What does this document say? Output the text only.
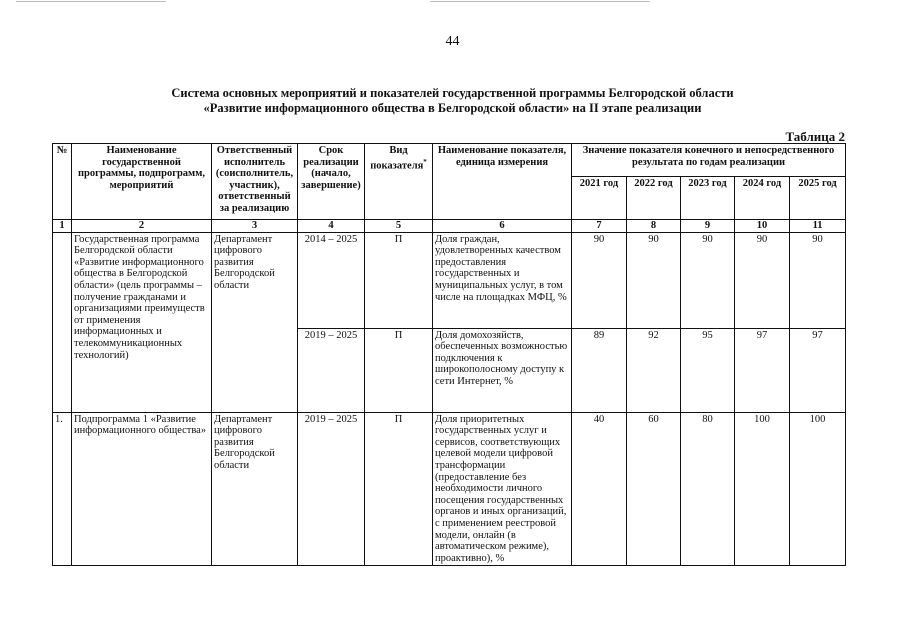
44
Система основных мероприятий и показателей государственной программы Белгородской области
«Развитие информационного общества в Белгородской области» на II этапе реализации
Таблица 2
№	Наименование государственной программы, подпрограмм, мероприятий	Ответственный исполнитель (соисполнитель, участник), ответственный за реализацию	Срок реализации (начало, завершение)	Вид показателя*	Наименование показателя, единица измерения	Значение показателя конечного и непосредственного результата по годам реализации				
						2021 год	2022 год	2023 год	2024 год	2025 год
1	2	3	4	5	6	7	8	9	10	11
	Государственная программа Белгородской области «Развитие информационного общества в Белгородской области» (цель программы – получение гражданами и организациями преимуществ от применения информационных и телекоммуникационных технологий)	Департамент цифрового развития Белгородской области	2014 – 2025	П	Доля граждан, удовлетворенных качеством предоставления государственных и муниципальных услуг, в том числе на площадках МФЦ, %	90	90	90	90	90
			2019 – 2025	П	Доля домохозяйств, обеспеченных возможностью подключения к широкополосному доступу к сети Интернет, %	89	92	95	97	97
1.	Подпрограмма 1 «Развитие информационного общества»	Департамент цифрового развития Белгородской области	2019 – 2025	П	Доля приоритетных государственных услуг и сервисов, соответствующих целевой модели цифровой трансформации (предоставление без необходимости личного посещения государственных органов и иных организаций, с применением реестровой модели, онлайн (в автоматическом режиме), проактивно), %	40	60	80	100	100
